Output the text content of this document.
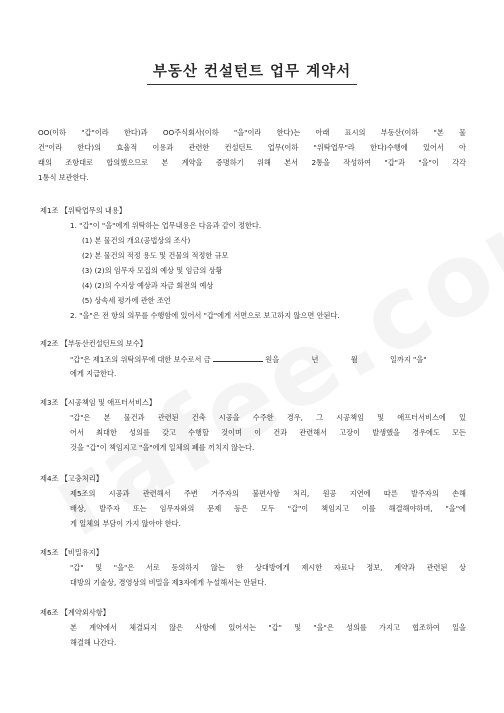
부동산 컨설턴트 업무 계약서
OO(이하 "갑"이라 한다)과 OO주식회사(이하 "을"이라 한다)는 아래 표시의 부동산(이하 "본 물
건"이라 한다)의 효율적 이용과 관련한 컨설턴트 업무(이하 "위탁업무"라 한다)수행에 있어서 아
래의 조항대로 합의했으므로 본 계약을 증명하기 위해 본서 2통을 작성하여 "갑"과 "을"이 각각
1통식 보관한다.
제1조 【위탁업무의 내용】
1. "갑"이 "을"에게 위탁하는 업무내용은 다음과 같이 정한다.
(1) 본 물건의 개요(공법상의 조사)
(2) 본 물건의 적정 용도 및 건물의 적정한 규모
(3) (2)의 임무자 모집의 예상 및 임금의 상황
(4) (2)의 수지상 예상과 자금 회전의 예상
(5) 상속세 평가에 관한 조언
2. "을"은 전 항의 의무를 수행함에 있어서 "갑"에게 서면으로 보고하지 않으면 안된다.
제2조 【부동산컨설턴트의 보수】
"갑"은 제1조의 위탁의무에 대한 보수로서 금	원을	년	월	일까지 "을"
에게 지급한다.
제3조 【시공책임 및 애프터서비스】
"갑"은 본 물건과 관련된 건축 시공을 수주한 경우, 그 시공책임 및 애프터서비스에 있
어서 최대한 성의를 갖고 수행할 것이며 이 건과 관련해서 고장이 발생했을 경우에도 모든
것을 "갑"이 책임지고 "을"에게 일체의 폐를 끼치지 않는다.
제4조 【고충처리】
제5조의 시공과 관련해서 주변 거주자의 불편사항 처리, 원공 지연에 따른 발주자의 손해
배상, 발주자 또는 임무자와의 문제 등은 모두 "갑"이 책임지고 이를 해결해야하며, "을"에
게 일체의 부담이 가지 않아야 한다.
제5조 【비밀유지】
"갑" 및 "을"은 서로 동의하지 않는 한 상대방에게 제시한 자료나 정보, 계약과 관련된 상
대방의 기술상, 경영상의 비밀을 제3자에게 누설해서는 안된다.
제6조 【계약외사항】
본 계약에서 체결되지 않은 사항에 있어서는 "갑" 및 "을"은 성의를 가지고 협조하여 일을
해결해 나간다.
